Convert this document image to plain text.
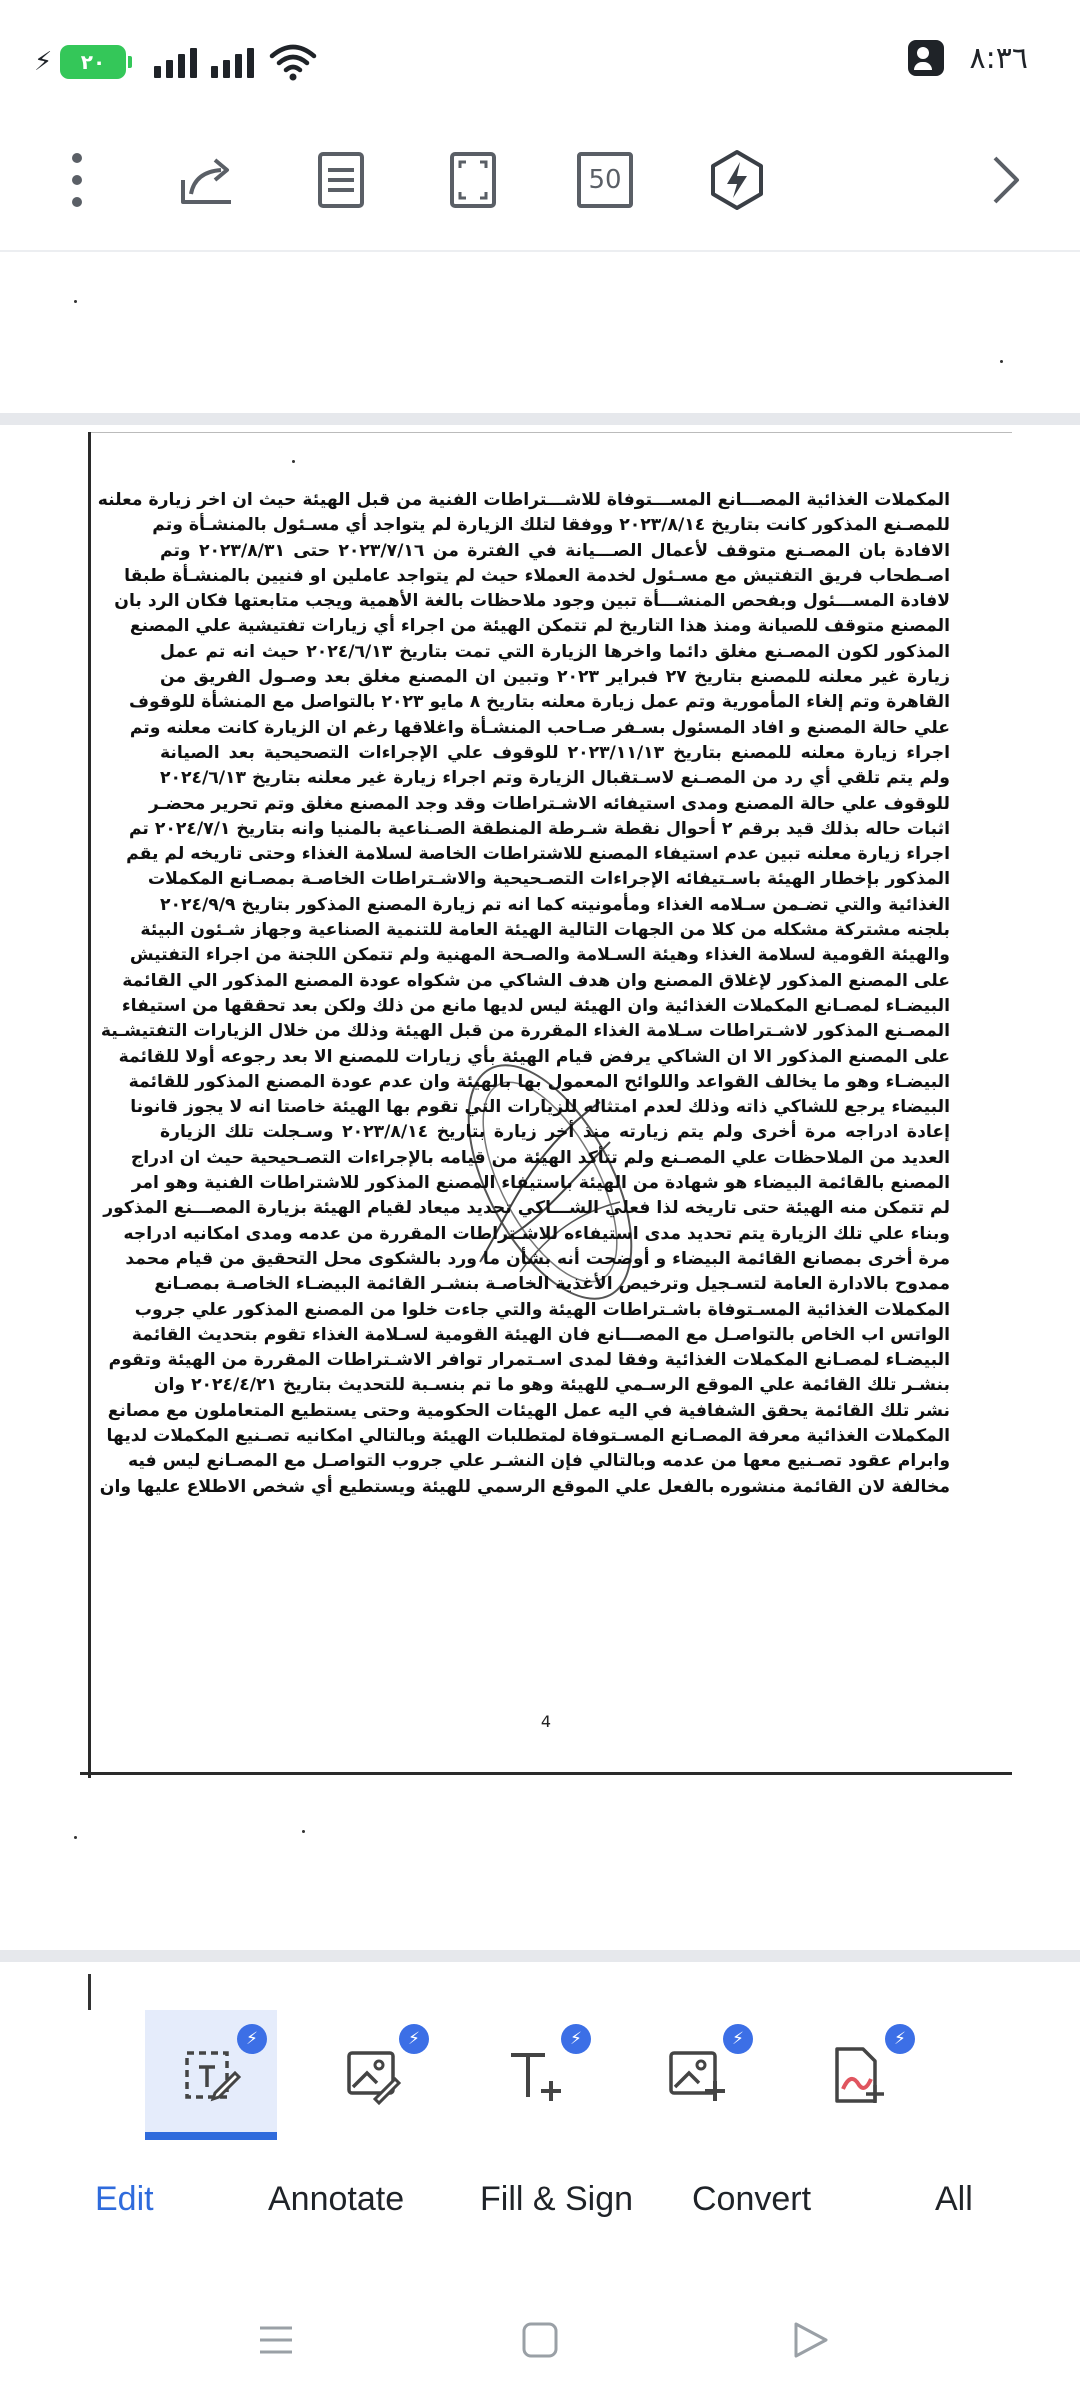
⚡ ٢٠	٨:٣٦
50
المكملات الغذائية المصـــانع المســـتوفاة للاشـــتراطات الفنية من قبل الهيئة حيث ان اخر زيارة معلنه
للمصـنع المذكور كانت بتاريخ ٢٠٢٣/٨/١٤ ووفقا لتلك الزيارة لم يتواجد أي مسـئول بالمنشـأة وتم
الافادة بان المصـنع متوقف لأعمال الصـــيانة في الفترة من ٢٠٢٣/٧/١٦ حتى ٢٠٢٣/٨/٣١ وتم
اصـطحاب فريق التفتيش مع مسـئول لخدمة العملاء حيث لم يتواجد عاملين او فنيين بالمنشـأة طبقا
لافادة المســـئول وبفحص المنشـــأة تبين وجود ملاحظات بالغة الأهمية ويجب متابعتها فكان الرد بان
المصنع متوقف للصيانة ومنذ هذا التاريخ لم تتمكن الهيئة من اجراء أي زيارات تفتيشية علي المصنع
المذكور لكون المصـنع مغلق دائما واخرها الزيارة التي تمت بتاريخ ٢٠٢٤/٦/١٣ حيث انه تم عمل
زيارة غير معلنه للمصنع بتاريخ ٢٧ فبراير ٢٠٢٣ وتبين ان المصنع مغلق بعد وصـول الفريق من
القاهرة وتم إلغاء المأمورية وتم عمل زيارة معلنه بتاريخ ٨ مايو ٢٠٢٣ بالتواصل مع المنشأة للوقوف
علي حالة المصنع و افاد المسئول بسـفر صـاحب المنشـأة واغلاقها رغم ان الزيارة كانت معلنه وتم
اجراء زيارة معلنه للمصنع بتاريخ ٢٠٢٣/١١/١٣ للوقوف علي الإجراءات التصحيحية بعد الصيانة
ولم يتم تلقي أي رد من المصـنع لاسـتقبال الزيارة وتم اجراء زيارة غير معلنه بتاريخ ٢٠٢٤/٦/١٣
للوقوف علي حالة المصنع ومدى استيفائه الاشـتراطات وقد وجد المصنع مغلق وتم تحرير محضـر
اثبات حاله بذلك قيد برقم ٢ أحوال نقطة شـرطة المنطقة الصـناعية بالمنيا وانه بتاريخ ٢٠٢٤/٧/١ تم
اجراء زيارة معلنه تبين عدم استيفاء المصنع للاشتراطات الخاصة لسلامة الغذاء وحتى تاريخه لم يقم
المذكور بإخطار الهيئة باسـتيفائه الإجراءات التصـحيحية والاشـتراطات الخاصـة بمصـانع المكملات
الغذائية والتي تضـمن سـلامه الغذاء ومأمونيته كما انه تم زيارة المصنع المذكور بتاريخ ٢٠٢٤/٩/٩
بلجنه مشتركة مشكله من كلا من الجهات التالية الهيئة العامة للتنمية الصناعية وجهاز شـئون البيئة
والهيئة القومية لسلامة الغذاء وهيئة السـلامة والصـحة المهنية ولم تتمكن اللجنة من اجراء التفتيش
على المصنع المذكور لإغلاق المصنع وان هدف الشاكي من شكواه عودة المصنع المذكور الي القائمة
البيضـاء لمصـانع المكملات الغذائية وان الهيئة ليس لديها مانع من ذلك ولكن بعد تحققها من استيفاء
المصـنع المذكور لاشـتراطات سـلامة الغذاء المقررة من قبل الهيئة وذلك من خلال الزيارات التفتيشـية
على المصنع المذكور الا ان الشاكي يرفض قيام الهيئة بأي زيارات للمصنع الا بعد رجوعه أولا للقائمة
البيضـاء وهو ما يخالف القواعد واللوائح المعمول بها بالهيئة وان عدم عودة المصنع المذكور للقائمة
البيضاء يرجع للشاكي ذاته وذلك لعدم امتثاله للزيارات التي تقوم بها الهيئة خاصتا انه لا يجوز قانونا
إعادة ادراجه مرة أخرى ولم يتم زيارته منذ أخر زيارة بتاريخ ٢٠٢٣/٨/١٤ وسـجلت تلك الزيارة
العديد من الملاحظات علي المصـنع ولم تتأكد الهيئة من قيامه بالإجراءات التصـحيحية حيث ان ادراج
المصنع بالقائمة البيضاء هو شهادة من الهيئة باستيفاء المصنع المذكور للاشتراطات الفنية وهو امر
لم تتمكن منه الهيئة حتى تاريخه لذا فعلي الشـــاكي تحديد ميعاد لقيام الهيئة بزيارة المصـــنع المذكور
وبناء علي تلك الزيارة يتم تحديد مدى استيفاءه للاشـتراطات المقررة من عدمه ومدى امكانيه ادراجه
مرة أخرى بمصانع القائمة البيضاء و أوضحت أنه بشأن ما ورد بالشكوى محل التحقيق من قيام محمد
ممدوح بالادارة العامة لتسـجيل وترخيص الأغذية الخاصـة بنشـر القائمة البيضـاء الخاصـة بمصـانع
المكملات الغذائية المسـتوفاة باشـتراطات الهيئة والتي جاءت خلوا من المصنع المذكور علي جروب
الواتس اب الخاص بالتواصـل مع المصـــانع فان الهيئة القومية لسـلامة الغذاء تقوم بتحديث القائمة
البيضـاء لمصـانع المكملات الغذائية وفقا لمدى اسـتمرار توافر الاشـتراطات المقررة من الهيئة وتقوم
بنشـر تلك القائمة علي الموقع الرسـمي للهيئة وهو ما تم بنسـبة للتحديث بتاريخ ٢٠٢٤/٤/٢١ وان
نشر تلك القائمة يحقق الشفافية في اليه عمل الهيئات الحكومية وحتى يستطيع المتعاملون مع مصانع
المكملات الغذائية معرفة المصـانع المسـتوفاة لمتطلبات الهيئة وبالتالي امكانيه تصـنيع المكملات لديها
وابرام عقود تصـنيع معها من عدمه وبالتالي فإن النشـر علي جروب التواصـل مع المصـانع ليس فيه
مخالفة لان القائمة منشوره بالفعل علي الموقع الرسمي للهيئة ويستطيع أي شخص الاطلاع عليها وان
4
⚡	⚡	⚡	⚡	⚡
Edit	Annotate Fill & Sign Convert	All
